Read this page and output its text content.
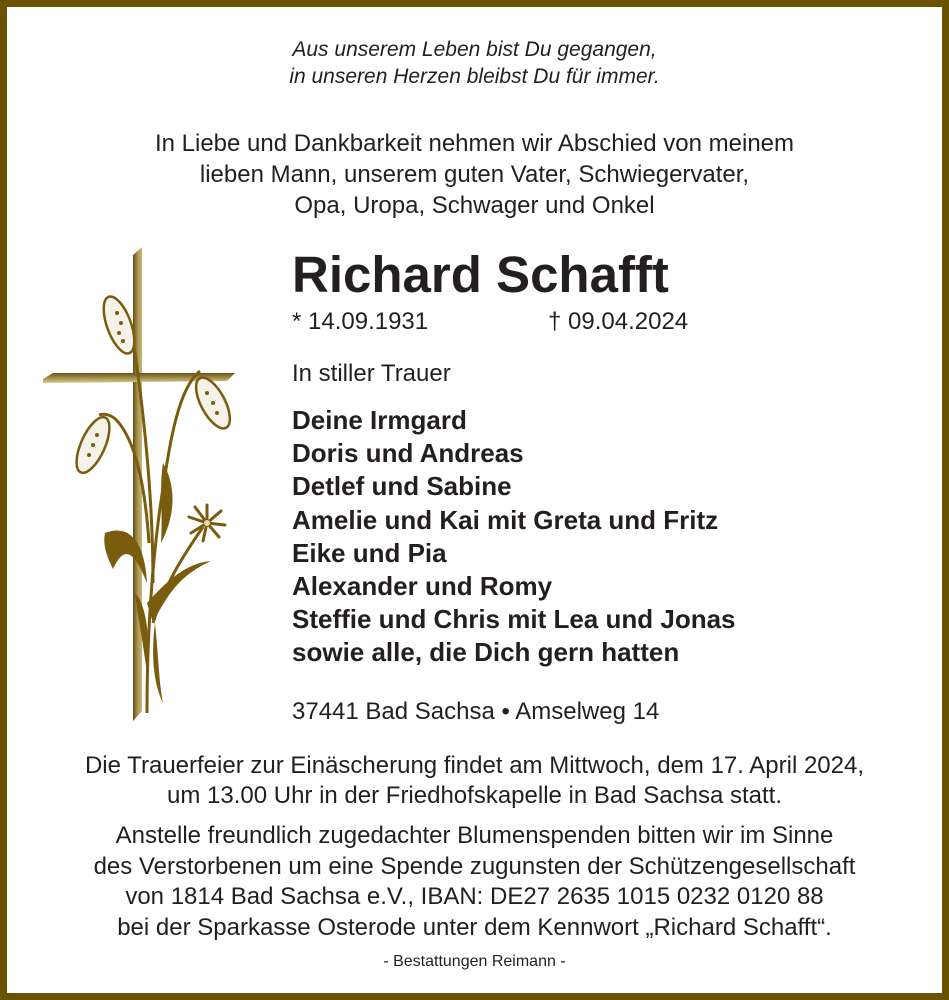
Aus unserem Leben bist Du gegangen,
in unseren Herzen bleibst Du für immer.
In Liebe und Dankbarkeit nehmen wir Abschied von meinem
lieben Mann, unserem guten Vater, Schwiegervater,
Opa, Uropa, Schwager und Onkel
Richard Schafft
* 14.09.1931	† 09.04.2024
In stiller Trauer
Deine Irmgard
Doris und Andreas
Detlef und Sabine
Amelie und Kai mit Greta und Fritz
Eike und Pia
Alexander und Romy
Steffie und Chris mit Lea und Jonas
sowie alle, die Dich gern hatten
37441 Bad Sachsa • Amselweg 14
Die Trauerfeier zur Einäscherung findet am Mittwoch, dem 17. April 2024,
um 13.00 Uhr in der Friedhofskapelle in Bad Sachsa statt.
Anstelle freundlich zugedachter Blumenspenden bitten wir im Sinne
des Verstorbenen um eine Spende zugunsten der Schützengesellschaft
von 1814 Bad Sachsa e.V., IBAN: DE27 2635 1015 0232 0120 88
bei der Sparkasse Osterode unter dem Kennwort „Richard Schafft“.
- Bestattungen Reimann -
